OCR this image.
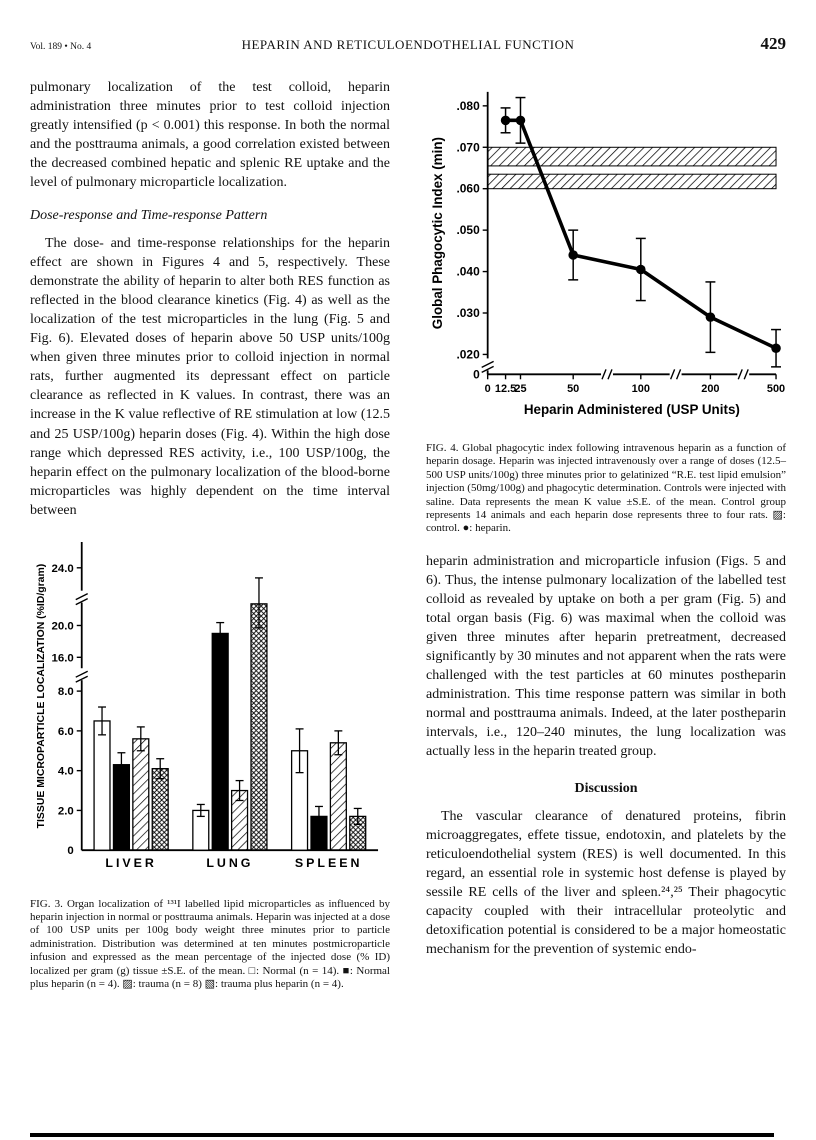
Vol. 189 • No. 4	HEPARIN AND RETICULOENDOTHELIAL FUNCTION	429

pulmonary localization of the test colloid, heparin administration three minutes prior to test colloid injection greatly intensified (p < 0.001) this response. In both the normal and the posttrauma animals, a good correlation existed between the decreased combined hepatic and splenic RE uptake and the level of pulmonary microparticle localization.

Dose-response and Time-response Pattern

The dose- and time-response relationships for the heparin effect are shown in Figures 4 and 5, respectively. These demonstrate the ability of heparin to alter both RES function as reflected in the blood clearance kinetics (Fig. 4) as well as the localization of the test microparticles in the lung (Fig. 5 and Fig. 6). Elevated doses of heparin above 50 USP units/100g when given three minutes prior to colloid injection in normal rats, further augmented its depressant effect on particle clearance as reflected in K values. In contrast, there was an increase in the K value reflective of RE stimulation at low (12.5 and 25 USP/100g) heparin doses (Fig. 4). Within the high dose range which depressed RES activity, i.e., 100 USP/100g, the heparin effect on the pulmonary localization of the blood-borne microparticles was highly dependent on the time interval between

2.0
4.0
6.0
8.0
16.0
20.0
24.0
0
LIVER	LUNG	SPLEEN
TISSUE MICROPARTICLE LOCALIZATION (%ID/gram)
FIG. 3. Organ localization of ¹³¹I labelled lipid microparticles as influenced by heparin injection in normal or posttrauma animals. Heparin was injected at a dose of 100 USP units per 100g body weight three minutes prior to particle administration. Distribution was determined at ten minutes postmicroparticle infusion and expressed as the mean percentage of the injected dose (% ID) localized per gram (g) tissue ±S.E. of the mean. □: Normal (n = 14). ■: Normal plus heparin (n = 4). ▨: trauma (n = 8) ▧: trauma plus heparin (n = 4).
.020
.030
.040
.050
.060
.070
.080
0
0 12.5
25	50	100	200	500
Heparin Administered (USP Units)
Global Phagocytic Index (min)
FIG. 4. Global phagocytic index following intravenous heparin as a function of heparin dosage. Heparin was injected intravenously over a range of doses (12.5–500 USP units/100g) three minutes prior to gelatinized “R.E. test lipid emulsion” injection (50mg/100g) and phagocytic determination. Controls were injected with saline. Data represents the mean K value ±S.E. of the mean. Control group represents 14 animals and each heparin dose represents three to four rats. ▨: control. ●: heparin.

heparin administration and microparticle infusion (Figs. 5 and 6). Thus, the intense pulmonary localization of the labelled test colloid as revealed by uptake on both a per gram (Fig. 5) and total organ basis (Fig. 6) was maximal when the colloid was given three minutes after heparin pretreatment, decreased significantly by 30 minutes and not apparent when the rats were challenged with the test particles at 60 minutes postheparin administration. This time response pattern was similar in both normal and posttrauma animals. Indeed, at the later postheparin intervals, i.e., 120–240 minutes, the lung localization was actually less in the heparin treated group.

Discussion

The vascular clearance of denatured proteins, fibrin microaggregates, effete tissue, endotoxin, and platelets by the reticuloendothelial system (RES) is well documented. In this regard, an essential role in systemic host defense is played by sessile RE cells of the liver and spleen.²⁴,²⁵ Their phagocytic capacity coupled with their intracellular proteolytic and detoxification potential is considered to be a major homeostatic mechanism for the prevention of systemic endo-
